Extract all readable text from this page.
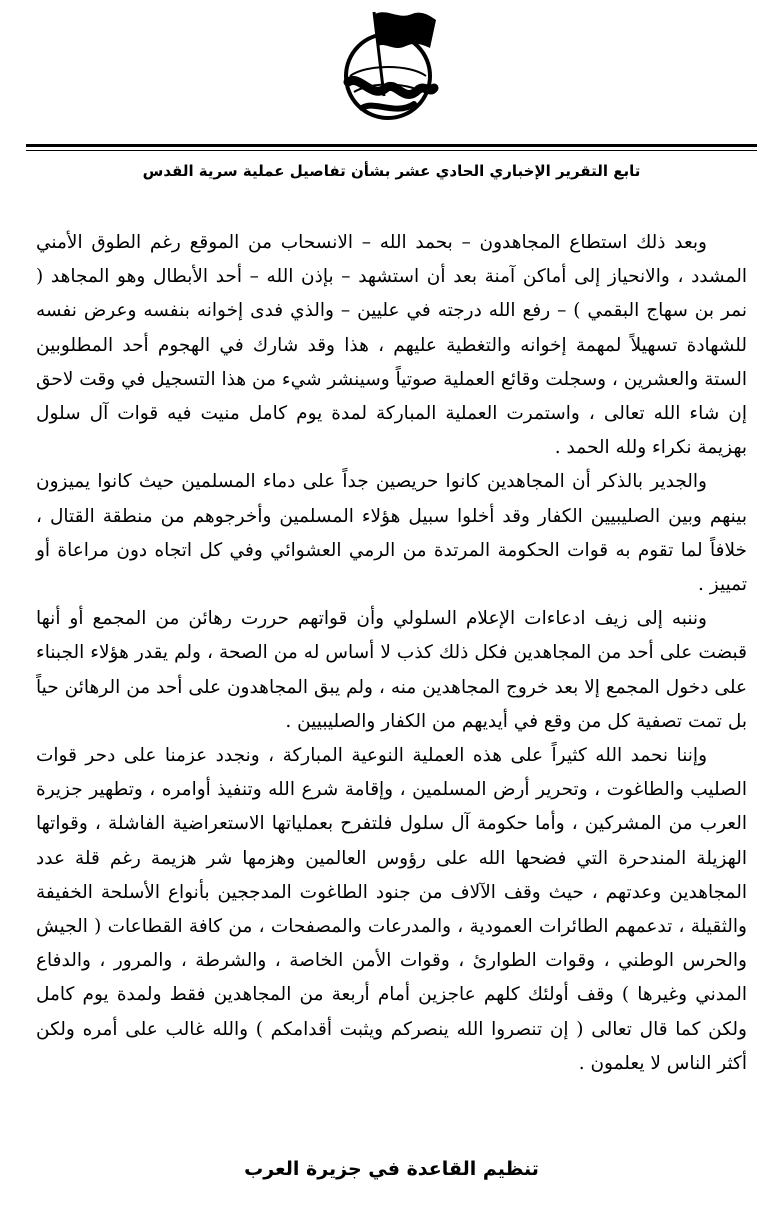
تابع التقرير الإخباري الحادي عشر بشأن تفاصيل عملية سرية القدس

وبعد ذلك استطاع المجاهدون – بحمد الله – الانسحاب من الموقع رغم الطوق الأمني المشدد ، والانحياز إلى أماكن آمنة بعد أن استشهد – بإذن الله – أحد الأبطال وهو المجاهد ( نمر بن سهاج البقمي ) – رفع الله درجته في عليين – والذي فدى إخوانه بنفسه وعرض نفسه للشهادة تسهيلاً لمهمة إخوانه والتغطية عليهم ، هذا وقد شارك في الهجوم أحد المطلوبين الستة والعشرين ، وسجلت وقائع العملية صوتياً وسينشر شيء من هذا التسجيل في وقت لاحق إن شاء الله تعالى ، واستمرت العملية المباركة لمدة يوم كامل منيت فيه قوات آل سلول بهزيمة نكراء ولله الحمد .

والجدير بالذكر أن المجاهدين كانوا حريصين جداً على دماء المسلمين حيث كانوا يميزون بينهم وبين الصليبيين الكفار وقد أخلوا سبيل هؤلاء المسلمين وأخرجوهم من منطقة القتال ، خلافاً لما تقوم به قوات الحكومة المرتدة من الرمي العشوائي وفي كل اتجاه دون مراعاة أو تمييز .

وننبه إلى زيف ادعاءات الإعلام السلولي وأن قواتهم حررت رهائن من المجمع أو أنها قبضت على أحد من المجاهدين فكل ذلك كذب لا أساس له من الصحة ، ولم يقدر هؤلاء الجبناء على دخول المجمع إلا بعد خروج المجاهدين منه ، ولم يبق المجاهدون على أحد من الرهائن حياً بل تمت تصفية كل من وقع في أيديهم من الكفار والصليبيين .

وإننا نحمد الله كثيراً على هذه العملية النوعية المباركة ، ونجدد عزمنا على دحر قوات الصليب والطاغوت ، وتحرير أرض المسلمين ، وإقامة شرع الله وتنفيذ أوامره ، وتطهير جزيرة العرب من المشركين ، وأما حكومة آل سلول فلتفرح بعملياتها الاستعراضية الفاشلة ، وقواتها الهزيلة المندحرة التي فضحها الله على رؤوس العالمين وهزمها شر هزيمة رغم قلة عدد المجاهدين وعدتهم ، حيث وقف الآلاف من جنود الطاغوت المدججين بأنواع الأسلحة الخفيفة والثقيلة ، تدعمهم الطائرات العمودية ، والمدرعات والمصفحات ، من كافة القطاعات ( الجيش والحرس الوطني ، وقوات الطوارئ ، وقوات الأمن الخاصة ، والشرطة ، والمرور ، والدفاع المدني وغيرها ) وقف أولئك كلهم عاجزين أمام أربعة من المجاهدين فقط ولمدة يوم كامل ولكن كما قال تعالى ( إن تنصروا الله ينصركم ويثبت أقدامكم ) والله غالب على أمره ولكن أكثر الناس لا يعلمون .

تنظيم القاعدة في جزيرة العرب
